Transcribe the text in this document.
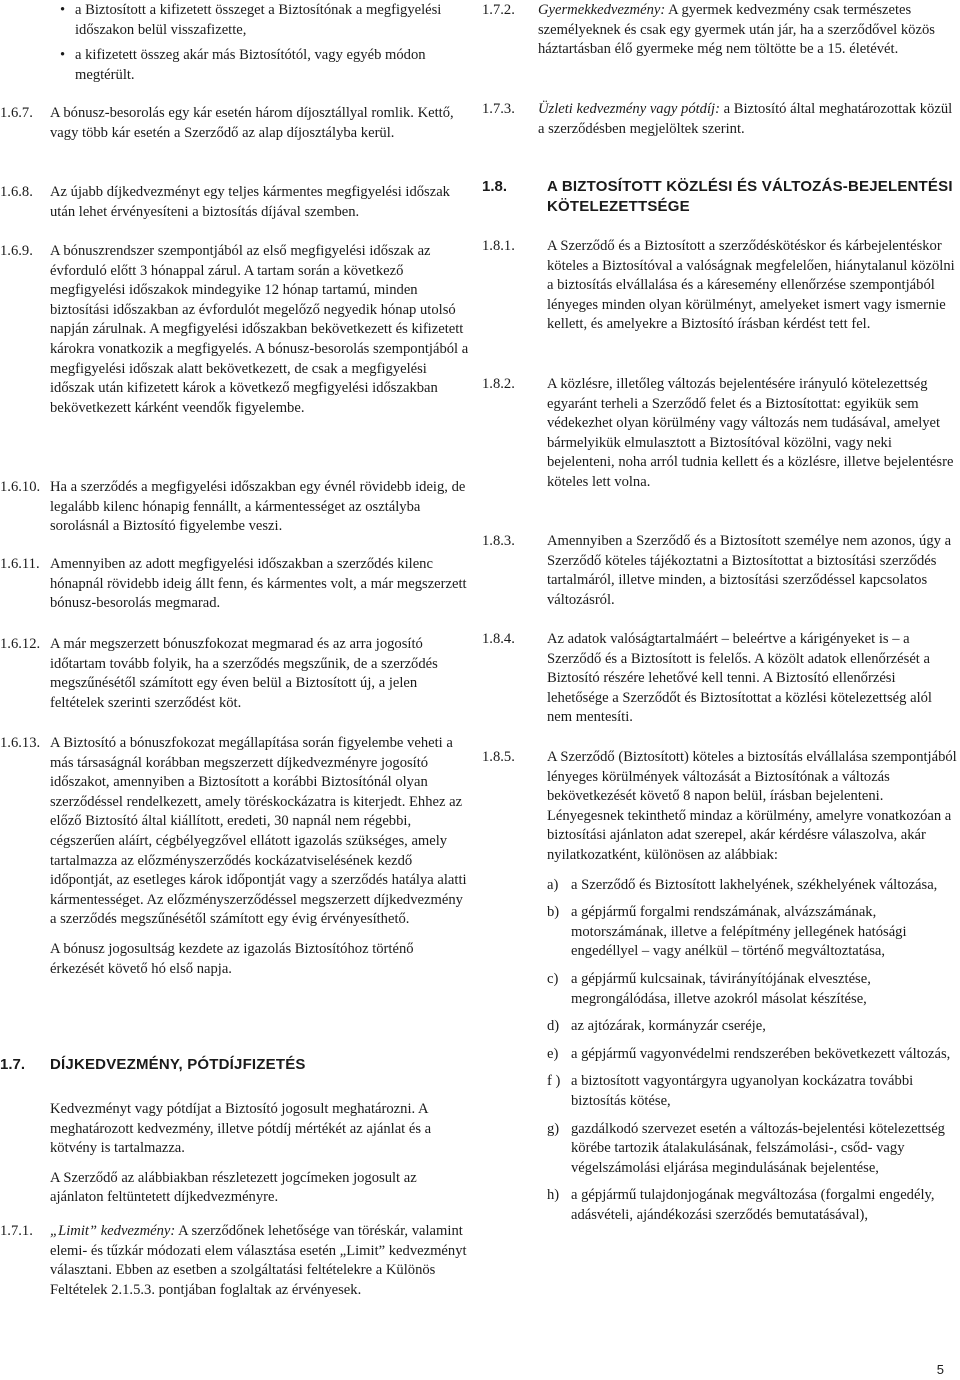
• a Biztosított a kifizetett összeget a Biztosítónak a megfigyelési időszakon belül visszafizette,
• a kifizetett összeg akár más Biztosítótól, vagy egyéb módon megtérült.
1.6.7. A bónusz-besorolás egy kár esetén három díjosztállyal romlik. Kettő, vagy több kár esetén a Szerződő az alap díjosztályba kerül.

1.6.8. Az újabb díjkedvezményt egy teljes kármentes megfigyelési időszak után lehet érvényesíteni a biztosítás díjával szemben.

1.6.9. A bónuszrendszer szempontjából az első megfigyelési időszak az évforduló előtt 3 hónappal zárul. A tartam során a következő megfigyelési időszakok mindegyike 12 hónap tartamú, minden biztosítási időszakban az évfordulót megelőző negyedik hónap utolsó napján zárulnak. A megfigyelési időszakban bekövetkezett és kifizetett károkra vonatkozik a megfigyelés. A bónusz-besorolás szempontjából a megfigyelési időszak alatt bekövetkezett, de csak a megfigyelési időszak után kifizetett károk a következő megfigyelési időszakban bekövetkezett kárként veendők figyelembe.

1.6.10. Ha a szerződés a megfigyelési időszakban egy évnél rövidebb ideig, de legalább kilenc hónapig fennállt, a kármentességet az osztályba sorolásnál a Biztosító figyelembe veszi.

1.6.11. Amennyiben az adott megfigyelési időszakban a szerződés kilenc hónapnál rövidebb ideig állt fenn, és kármentes volt, a már megszerzett bónusz-besorolás megmarad.

1.6.12. A már megszerzett bónuszfokozat megmarad és az arra jogosító időtartam tovább folyik, ha a szerződés megszűnik, de a szerződés megszűnésétől számított egy éven belül a Biztosított új, a jelen feltételek szerinti szerződést köt.

1.6.13. A Biztosító a bónuszfokozat megállapítása során figyelembe veheti a más társaságnál korábban megszerzett díjkedvezményre jogosító időszakot, amennyiben a Biztosított a korábbi Biztosítónál olyan szerződéssel rendelkezett, amely töréskockázatra is kiterjedt. Ehhez az előző Biztosító által kiállított, eredeti, 30 napnál nem régebbi, cégszerűen aláírt, cégbélyegzővel ellátott igazolás szükséges, amely tartalmazza az előzményszerződés kockázatviselésének kezdő időpontját, az esetleges károk időpontját vagy a szerződés hatálya alatti kármentességet. Az előzményszerződéssel megszerzett díjkedvezmény a szerződés megszűnésétől számított egy évig érvényesíthető.

A bónusz jogosultság kezdete az igazolás Biztosítóhoz történő érkezését követő hó első napja.

1.7. DÍJKEDVEZMÉNY, PÓTDÍJFIZETÉS

Kedvezményt vagy pótdíjat a Biztosító jogosult meghatározni. A meghatározott kedvezmény, illetve pótdíj mértékét az ajánlat és a kötvény is tartalmazza.

A Szerződő az alábbiakban részletezett jogcímeken jogosult az ajánlaton feltüntetett díjkedvezményre.

1.7.1. „Limit” kedvezmény: A szerződőnek lehetősége van töréskár, valamint elemi- és tűzkár módozati elem választása esetén „Limit” kedvezményt választani. Ebben az esetben a szolgáltatási feltételekre a Különös Feltételek 2.1.5.3. pontjában foglaltak az érvényesek.

1.7.2. Gyermekkedvezmény: A gyermek kedvezmény csak természetes személyeknek és csak egy gyermek után jár, ha a szerződővel közös háztartásban élő gyermeke még nem töltötte be a 15. életévét.

1.7.3. Üzleti kedvezmény vagy pótdíj: a Biztosító által meghatározottak közül a szerződésben megjelöltek szerint.

1.8.	A BIZTOSÍTOTT KÖZLÉSI ÉS VÁLTOZÁS-BEJELENTÉSI KÖTELEZETTSÉGE
1.8.1. A Szerződő és a Biztosított a szerződéskötéskor és kárbejelentéskor köteles a Biztosítóval a valóságnak megfelelően, hiánytalanul közölni a biztosítás elvállalása és a káresemény ellenőrzése szempontjából lényeges minden olyan körülményt, amelyeket ismert vagy ismernie kellett, és amelyekre a Biztosító írásban kérdést tett fel.

1.8.2. A közlésre, illetőleg változás bejelentésére irányuló kötelezettség egyaránt terheli a Szerződő felet és a Biztosítottat: egyikük sem védekezhet olyan körülmény vagy változás nem tudásával, amelyet bármelyikük elmulasztott a Biztosítóval közölni, vagy neki bejelenteni, noha arról tudnia kellett és a közlésre, illetve bejelentésre köteles lett volna.

1.8.3. Amennyiben a Szerződő és a Biztosított személye nem azonos, úgy a Szerződő köteles tájékoztatni a Biztosítottat a biztosítási szerződés tartalmáról, illetve minden, a biztosítási szerződéssel kapcsolatos változásról.

1.8.4. Az adatok valóságtartalmáért – beleértve a kárigényeket is – a Szerződő és a Biztosított is felelős. A közölt adatok ellenőrzését a Biztosító részére lehetővé kell tenni. A Biztosító ellenőrzési lehetősége a Szerződőt és Biztosítottat a közlési kötelezettség alól nem mentesíti.

1.8.5. A Szerződő (Biztosított) köteles a biztosítás elvállalása szempontjából lényeges körülmények változását a Biztosítónak a változás bekövetkezését követő 8 napon belül, írásban bejelenteni. Lényegesnek tekinthető mindaz a körülmény, amelyre vonatkozóan a biztosítási ajánlaton adat szerepel, akár kérdésre válaszolva, akár nyilatkozatként, különösen az alábbiak:

a) a Szerződő és Biztosított lakhelyének, székhelyének változása,
b) a gépjármű forgalmi rendszámának, alvázszámának, motorszámának, illetve a felépítmény jellegének hatósági engedéllyel – vagy anélkül – történő megváltoztatása,
c) a gépjármű kulcsainak, távirányítójának elvesztése, megrongálódása, illetve azokról másolat készítése,
d) az ajtózárak, kormányzár cseréje,
e) a gépjármű vagyonvédelmi rendszerében bekövetkezett változás,
f ) a biztosított vagyontárgyra ugyanolyan kockázatra további biztosítás kötése,
g) gazdálkodó szervezet esetén a változás-bejelentési kötelezettség körébe tartozik átalakulásának, felszámolási-, csőd- vagy végelszámolási eljárása megindulásának bejelentése,
h) a gépjármű tulajdonjogának megváltozása (forgalmi engedély, adásvételi, ajándékozási szerződés bemutatásával),
5
